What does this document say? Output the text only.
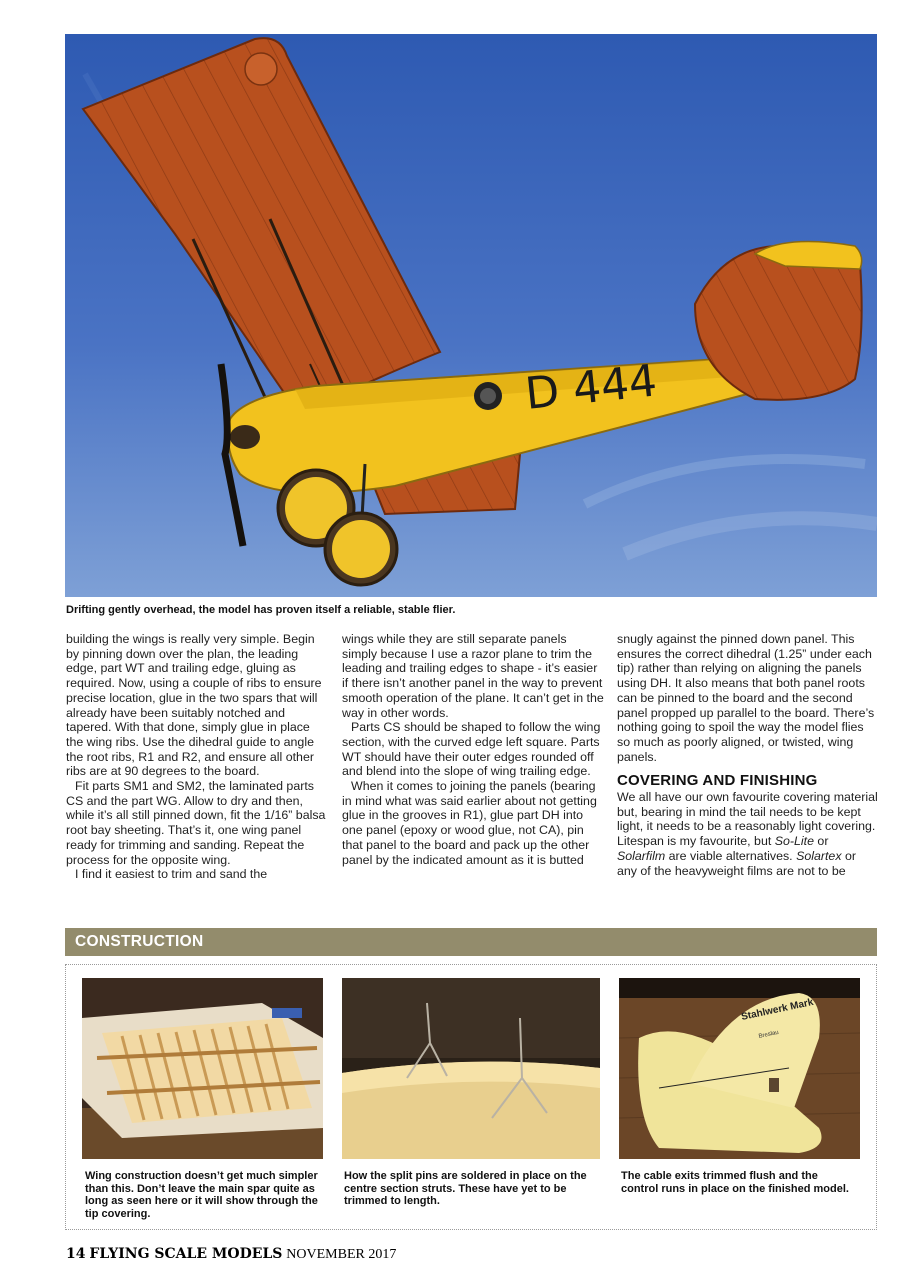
D 444
Drifting gently overhead, the model has proven itself a reliable, stable flier.

building the wings is really very simple. Begin by pinning down over the plan, the leading edge, part WT and trailing edge, gluing as required. Now, using a couple of ribs to ensure precise location, glue in the two spars that will already have been suitably notched and tapered. With that done, simply glue in place the wing ribs. Use the dihedral guide to angle the root ribs, R1 and R2, and ensure all other ribs are at 90 degrees to the board.

Fit parts SM1 and SM2, the laminated parts CS and the part WG. Allow to dry and then, while it’s all still pinned down, fit the 1/16” balsa root bay sheeting. That’s it, one wing panel ready for trimming and sanding. Repeat the process for the opposite wing.

I find it easiest to trim and sand the

wings while they are still separate panels simply because I use a razor plane to trim the leading and trailing edges to shape - it’s easier if there isn’t another panel in the way to prevent smooth operation of the plane. It can’t get in the way in other words.

Parts CS should be shaped to follow the wing section, with the curved edge left square. Parts WT should have their outer edges rounded off and blend into the slope of wing trailing edge.

When it comes to joining the panels (bearing in mind what was said earlier about not getting glue in the grooves in R1), glue part DH into one panel (epoxy or wood glue, not CA), pin that panel to the board and pack up the other panel by the indicated amount as it is butted

snugly against the pinned down panel. This ensures the correct dihedral (1.25” under each tip) rather than relying on aligning the panels using DH. It also means that both panel roots can be pinned to the board and the second panel propped up parallel to the board. There’s nothing going to spoil the way the model flies so much as poorly aligned, or twisted, wing panels.

COVERING AND FINISHING

We all have our own favourite covering material but, bearing in mind the tail needs to be kept light, it needs to be a reasonably light covering. Litespan is my favourite, but So-Lite or Solarfilm are viable alternatives. Solartex or any of the heavyweight films are not to be

CONSTRUCTION
Stahlwerk Mark
Breslau
Wing construction doesn’t get much simpler than this. Don’t leave the main spar quite as long as seen here or it will show through the tip covering.
How the split pins are soldered in place on the centre section struts. These have yet to be trimmed to length.
The cable exits trimmed flush and the control runs in place on the finished model.
14 FLYING SCALE MODELS NOVEMBER 2017
